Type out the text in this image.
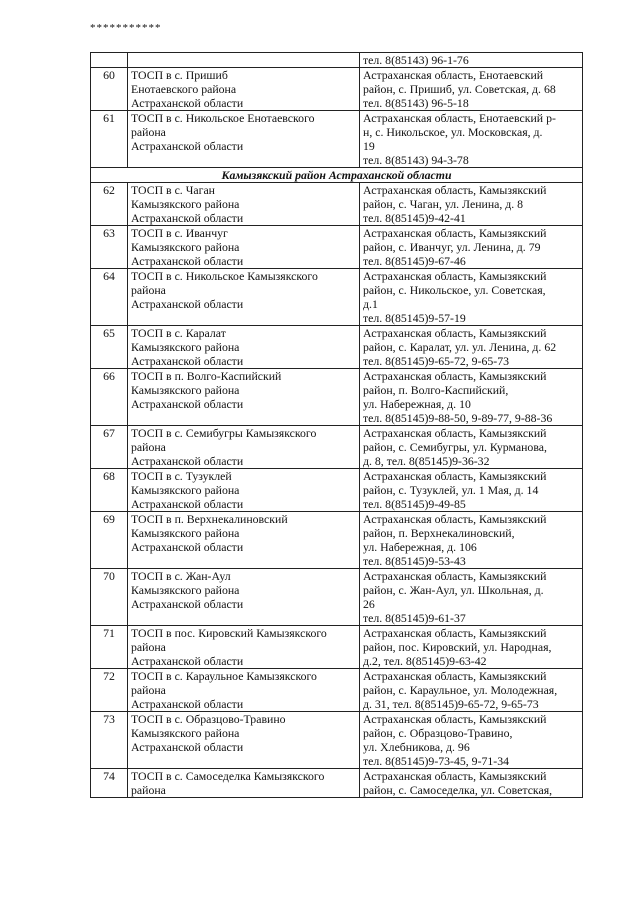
***********

		тел. 8(85143) 96-1-76

60	ТОСП в с. Пришиб
Енотаевского района
Астраханской области	Астраханская область, Енотаевский
район, с. Пришиб, ул. Советская, д. 68
тел. 8(85143) 96-5-18

61	ТОСП в с. Никольское Енотаевского
района
Астраханской области	Астраханская область, Енотаевский р-
н, с. Никольское, ул. Московская, д.
19
тел. 8(85143) 94-3-78

Камызякский район Астраханской области		
62	ТОСП в с. Чаган
Камызякского района
Астраханской области	Астраханская область, Камызякский
район, с. Чаган, ул. Ленина, д. 8
тел. 8(85145)9-42-41

63	ТОСП в с. Иванчуг
Камызякского района
Астраханской области	Астраханская область, Камызякский
район, с. Иванчуг, ул. Ленина, д. 79
тел. 8(85145)9-67-46

64	ТОСП в с. Никольское Камызякского
района
Астраханской области	Астраханская область, Камызякский
район, с. Никольское, ул. Советская,
д.1
тел. 8(85145)9-57-19

65	ТОСП в с. Каралат
Камызякского района
Астраханской области	Астраханская область, Камызякский
район, с. Каралат, ул. ул. Ленина, д. 62
тел. 8(85145)9-65-72, 9-65-73

66	ТОСП в п. Волго-Каспийский
Камызякского района
Астраханской области	Астраханская область, Камызякский
район, п. Волго-Каспийский,
ул. Набережная, д. 10
тел. 8(85145)9-88-50, 9-89-77, 9-88-36

67	ТОСП в с. Семибугры Камызякского
района
Астраханской области	Астраханская область, Камызякский
район, с. Семибугры, ул. Курманова,
д. 8, тел. 8(85145)9-36-32

68	ТОСП в с. Тузуклей
Камызякского района
Астраханской области	Астраханская область, Камызякский
район, с. Тузуклей, ул. 1 Мая, д. 14
тел. 8(85145)9-49-85

69	ТОСП в п. Верхнекалиновский
Камызякского района
Астраханской области	Астраханская область, Камызякский
район, п. Верхнекалиновский,
ул. Набережная, д. 106
тел. 8(85145)9-53-43

70	ТОСП в с. Жан-Аул
Камызякского района
Астраханской области	Астраханская область, Камызякский
район, с. Жан-Аул, ул. Школьная, д.
26
тел. 8(85145)9-61-37

71	ТОСП в пос. Кировский Камызякского
района
Астраханской области	Астраханская область, Камызякский
район, пос. Кировский, ул. Народная,
д.2, тел. 8(85145)9-63-42

72	ТОСП в с. Караульное Камызякского
района
Астраханской области	Астраханская область, Камызякский
район, с. Караульное, ул. Молодежная,
д. 31, тел. 8(85145)9-65-72, 9-65-73

73	ТОСП в с. Образцово-Травино
Камызякского района
Астраханской области	Астраханская область, Камызякский
район, с. Образцово-Травино,
ул. Хлебникова, д. 96
тел. 8(85145)9-73-45, 9-71-34

74	ТОСП в с. Самоседелка Камызякского
района	Астраханская область, Камызякский
район, с. Самоседелка, ул. Советская,
